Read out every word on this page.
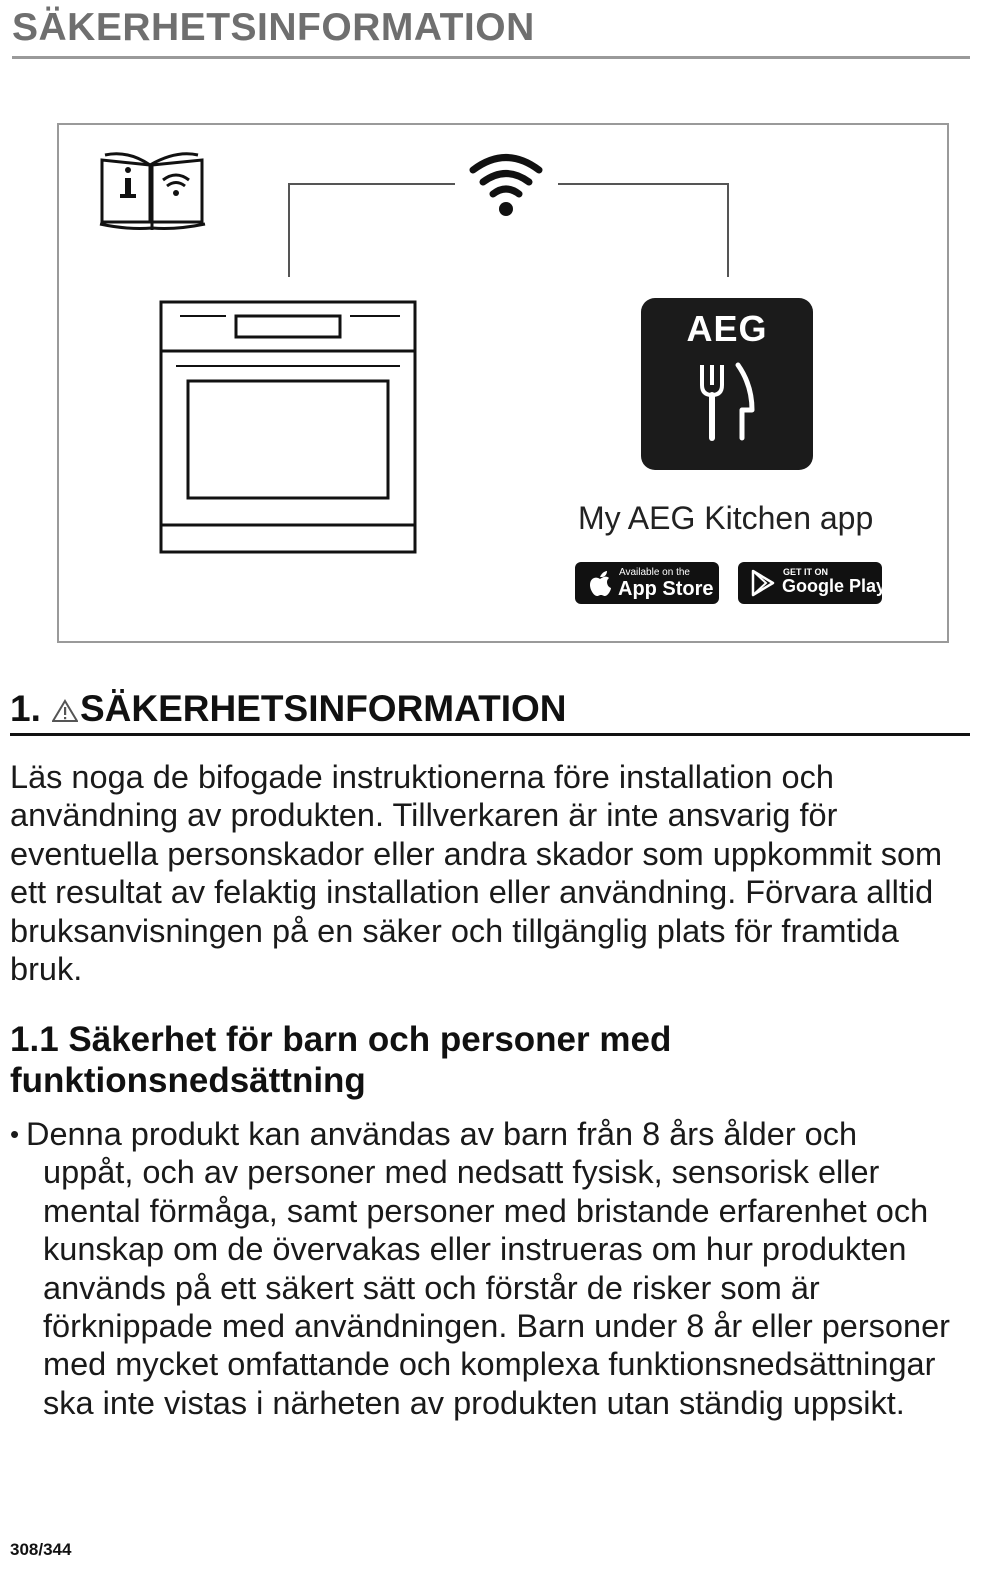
SÄKERHETSINFORMATION
AEG
My AEG Kitchen app
Available on the
App Store
GET IT ON
Google Play
1. SÄKERHETSINFORMATION
Läs noga de bifogade instruktionerna före installation och användning av produkten. Tillverkaren är inte ansvarig för eventuella personskador eller andra skador som uppkommit som ett resultat av felaktig installation eller användning. Förvara alltid bruksanvisningen på en säker och tillgänglig plats för framtida bruk.
1.1 Säkerhet för barn och personer med funktionsnedsättning
• Denna produkt kan användas av barn från 8 års ålder och
uppåt, och av personer med nedsatt fysisk, sensorisk eller mental förmåga, samt personer med bristande erfarenhet och kunskap om de övervakas eller instrueras om hur produkten används på ett säkert sätt och förstår de risker som är förknippade med användningen. Barn under 8 år eller personer med mycket omfattande och komplexa funktionsnedsättningar ska inte vistas i närheten av produkten utan ständig uppsikt.
308/344
